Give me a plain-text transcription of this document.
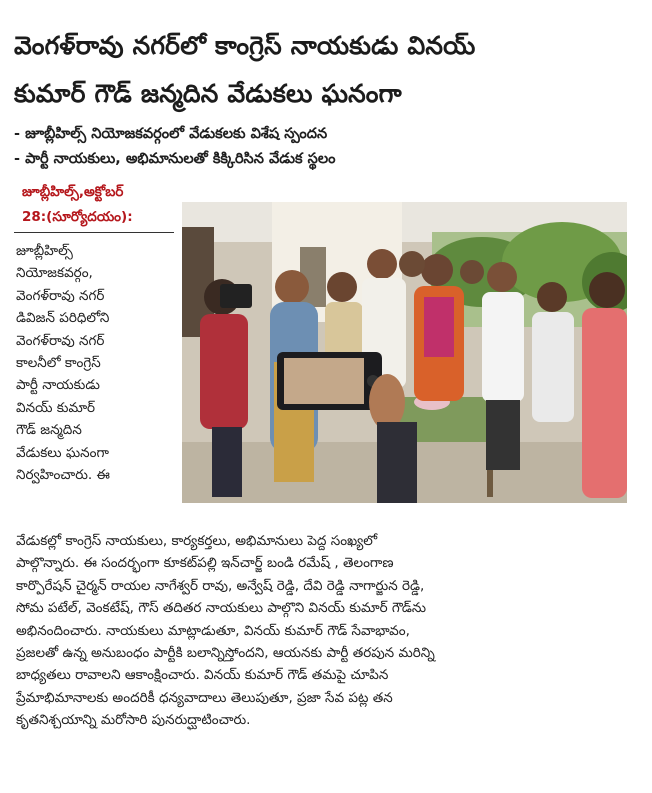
వెంగళ్‌రావు నగర్‌లో కాంగ్రెస్ నాయకుడు వినయ్
కుమార్ గౌడ్ జన్మదిన వేడుకలు ఘనంగా
- జూబ్లీహిల్స్ నియోజకవర్గంలో వేడుకలకు విశేష స్పందన
- పార్టీ నాయకులు, అభిమానులతో కిక్కిరిసిన వేడుక స్థలం
జూబ్లీహిల్స్,అక్టోబర్
28:(సూర్యోదయం):
జూబ్లీహిల్స్
నియోజకవర్గం,
వెంగళ్‌రావు నగర్
డివిజన్ పరిధిలోని
వెంగళ్‌రావు నగర్
కాలనీలో కాంగ్రెస్
పార్టీ నాయకుడు
వినయ్ కుమార్
గౌడ్ జన్మదిన
వేడుకలు ఘనంగా
నిర్వహించారు. ఈ
వేడుకల్లో కాంగ్రెస్ నాయకులు, కార్యకర్తలు, అభిమానులు పెద్ద సంఖ్యలో
పాల్గొన్నారు. ఈ సందర్భంగా కూకట్‌పల్లి ఇన్‌చార్జ్ బండి రమేష్ , తెలంగాణ
కార్పొరేషన్ చైర్మన్ రాయల నాగేశ్వర్ రావు, అన్వేష్ రెడ్డి, దేవి రెడ్డి నాగార్జున రెడ్డి,
సోమ పటేల్, వెంకటేష్, గౌస్ తదితర నాయకులు పాల్గొని వినయ్ కుమార్ గౌడ్‌ను
అభినందించారు. నాయకులు మాట్లాడుతూ, వినయ్ కుమార్ గౌడ్ సేవాభావం,
ప్రజలతో ఉన్న అనుబంధం పార్టీకి బలాన్నిస్తోందని, ఆయనకు పార్టీ తరపున మరిన్ని
బాధ్యతలు రావాలని ఆకాంక్షించారు. వినయ్ కుమార్ గౌడ్ తమపై చూపిన
ప్రేమాభిమానాలకు అందరికీ ధన్యవాదాలు తెలుపుతూ, ప్రజా సేవ పట్ల తన
కృతనిశ్చయాన్ని మరోసారి పునరుద్ఘాటించారు.
